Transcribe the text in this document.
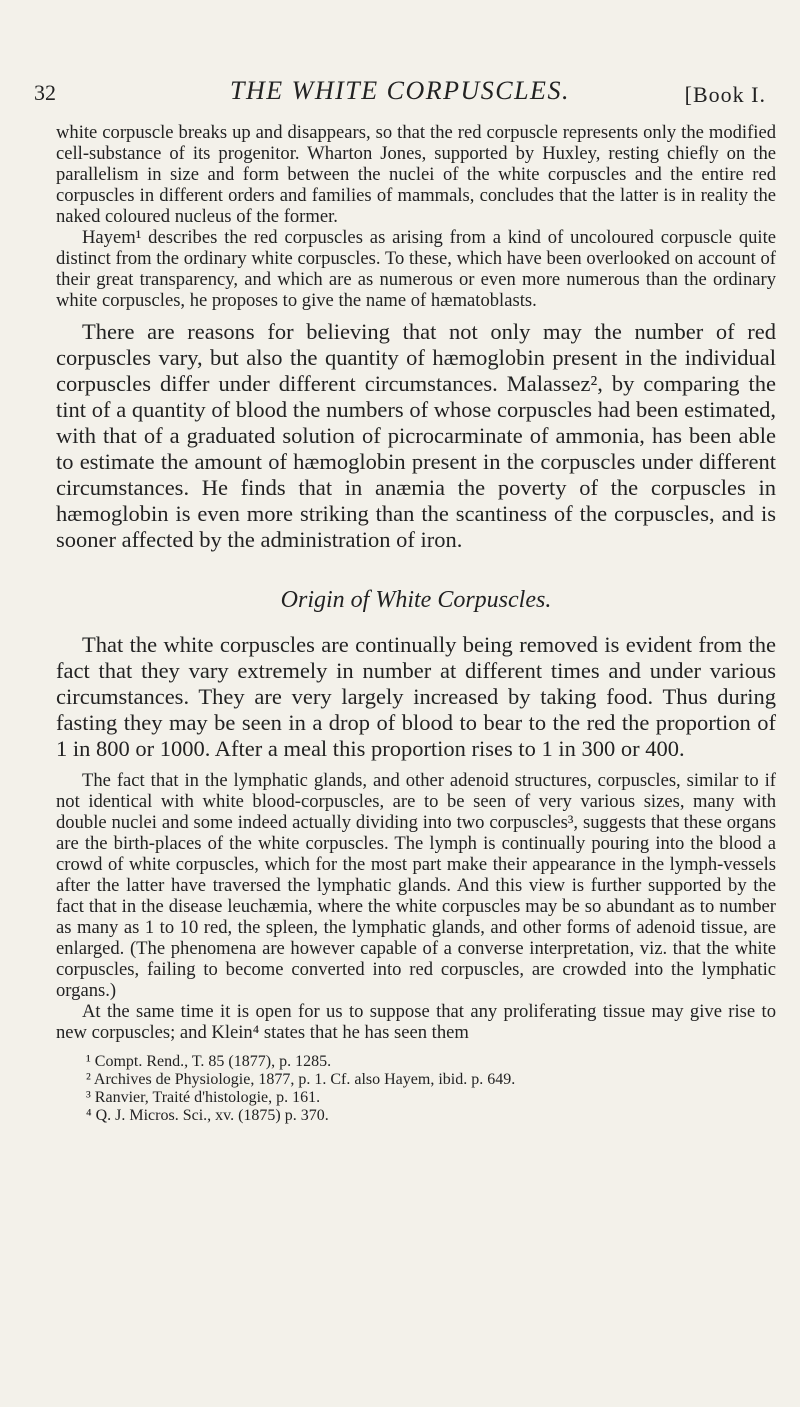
32	THE WHITE CORPUSCLES.	[Book I.

white corpuscle breaks up and disappears, so that the red corpuscle represents only the modified cell-substance of its progenitor. Wharton Jones, supported by Huxley, resting chiefly on the parallelism in size and form between the nuclei of the white corpuscles and the entire red corpuscles in different orders and families of mammals, concludes that the latter is in reality the naked coloured nucleus of the former.

Hayem¹ describes the red corpuscles as arising from a kind of uncoloured corpuscle quite distinct from the ordinary white corpuscles. To these, which have been overlooked on account of their great transparency, and which are as numerous or even more numerous than the ordinary white corpuscles, he proposes to give the name of hæmatoblasts.

There are reasons for believing that not only may the number of red corpuscles vary, but also the quantity of hæmoglobin present in the individual corpuscles differ under different circumstances. Malassez², by comparing the tint of a quantity of blood the numbers of whose corpuscles had been estimated, with that of a graduated solution of picrocarminate of ammonia, has been able to estimate the amount of hæmoglobin present in the corpuscles under different circumstances. He finds that in anæmia the poverty of the corpuscles in hæmoglobin is even more striking than the scantiness of the corpuscles, and is sooner affected by the administration of iron.

Origin of White Corpuscles.

That the white corpuscles are continually being removed is evident from the fact that they vary extremely in number at different times and under various circumstances. They are very largely increased by taking food. Thus during fasting they may be seen in a drop of blood to bear to the red the proportion of 1 in 800 or 1000. After a meal this proportion rises to 1 in 300 or 400.

The fact that in the lymphatic glands, and other adenoid structures, corpuscles, similar to if not identical with white blood-corpuscles, are to be seen of very various sizes, many with double nuclei and some indeed actually dividing into two corpuscles³, suggests that these organs are the birth-places of the white corpuscles. The lymph is continually pouring into the blood a crowd of white corpuscles, which for the most part make their appearance in the lymph-vessels after the latter have traversed the lymphatic glands. And this view is further supported by the fact that in the disease leuchæmia, where the white corpuscles may be so abundant as to number as many as 1 to 10 red, the spleen, the lymphatic glands, and other forms of adenoid tissue, are enlarged. (The phenomena are however capable of a converse interpretation, viz. that the white corpuscles, failing to become converted into red corpuscles, are crowded into the lymphatic organs.)

At the same time it is open for us to suppose that any proliferating tissue may give rise to new corpuscles; and Klein⁴ states that he has seen them

¹ Compt. Rend., T. 85 (1877), p. 1285.

² Archives de Physiologie, 1877, p. 1. Cf. also Hayem, ibid. p. 649.

³ Ranvier, Traité d'histologie, p. 161.

⁴ Q. J. Micros. Sci., xv. (1875) p. 370.
